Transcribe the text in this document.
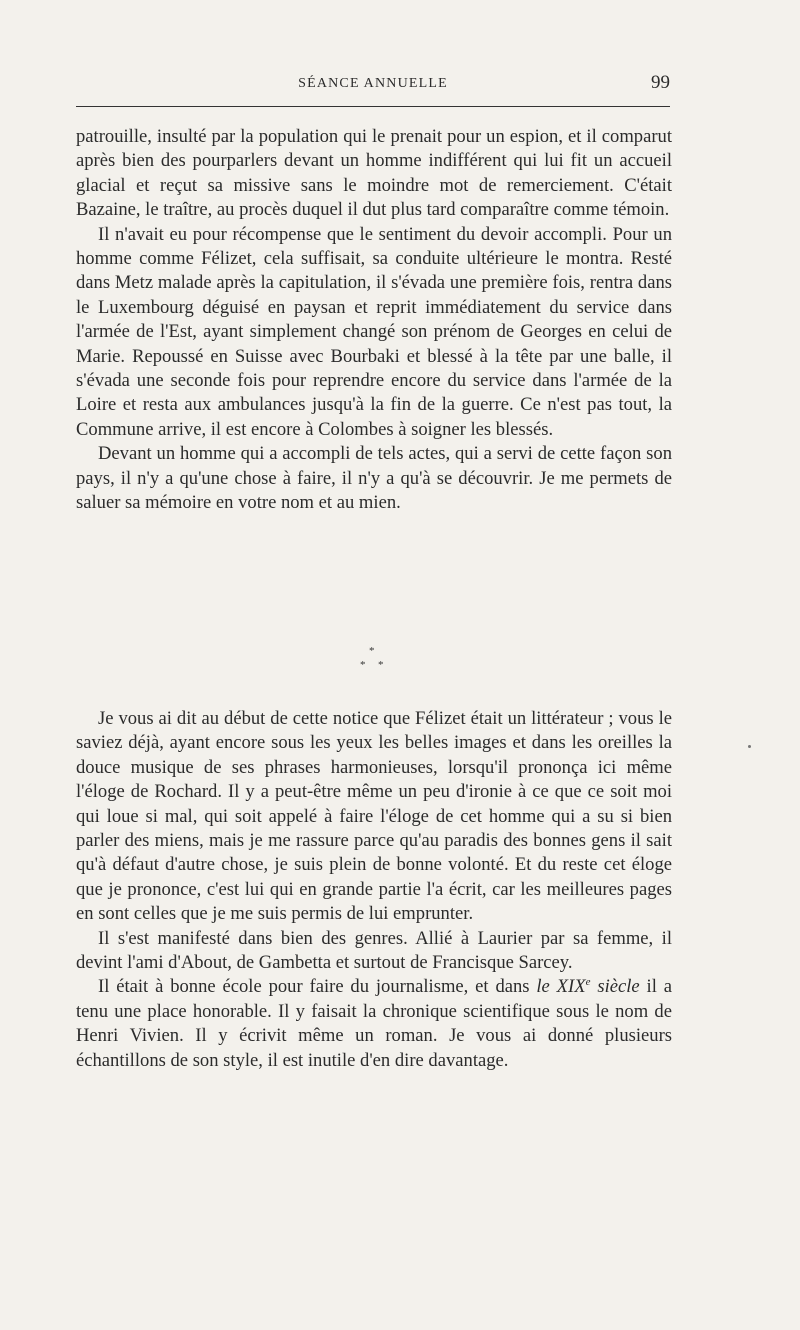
SÉANCE ANNUELLE	99

patrouille, insulté par la population qui le prenait pour un espion, et il comparut après bien des pourparlers devant un homme indifférent qui lui fit un accueil glacial et reçut sa missive sans le moindre mot de remerciement. C'était Bazaine, le traître, au procès duquel il dut plus tard comparaître comme témoin.

Il n'avait eu pour récompense que le sentiment du devoir accompli. Pour un homme comme Félizet, cela suffisait, sa conduite ultérieure le montra. Resté dans Metz malade après la capitulation, il s'évada une première fois, rentra dans le Luxembourg déguisé en paysan et reprit immédiatement du service dans l'armée de l'Est, ayant simplement changé son prénom de Georges en celui de Marie. Repoussé en Suisse avec Bourbaki et blessé à la tête par une balle, il s'évada une seconde fois pour reprendre encore du service dans l'armée de la Loire et resta aux ambulances jusqu'à la fin de la guerre. Ce n'est pas tout, la Commune arrive, il est encore à Colombes à soigner les blessés.

Devant un homme qui a accompli de tels actes, qui a servi de cette façon son pays, il n'y a qu'une chose à faire, il n'y a qu'à se découvrir. Je me permets de saluer sa mémoire en votre nom et au mien.

*
* *

Je vous ai dit au début de cette notice que Félizet était un littérateur ; vous le saviez déjà, ayant encore sous les yeux les belles images et dans les oreilles la douce musique de ses phrases harmonieuses, lorsqu'il prononça ici même l'éloge de Rochard. Il y a peut-être même un peu d'ironie à ce que ce soit moi qui loue si mal, qui soit appelé à faire l'éloge de cet homme qui a su si bien parler des miens, mais je me rassure parce qu'au paradis des bonnes gens il sait qu'à défaut d'autre chose, je suis plein de bonne volonté. Et du reste cet éloge que je prononce, c'est lui qui en grande partie l'a écrit, car les meilleures pages en sont celles que je me suis permis de lui emprunter.

Il s'est manifesté dans bien des genres. Allié à Laurier par sa femme, il devint l'ami d'About, de Gambetta et surtout de Francisque Sarcey.

Il était à bonne école pour faire du journalisme, et dans le XIXe siècle il a tenu une place honorable. Il y faisait la chronique scientifique sous le nom de Henri Vivien. Il y écrivit même un roman. Je vous ai donné plusieurs échantillons de son style, il est inutile d'en dire davantage.
